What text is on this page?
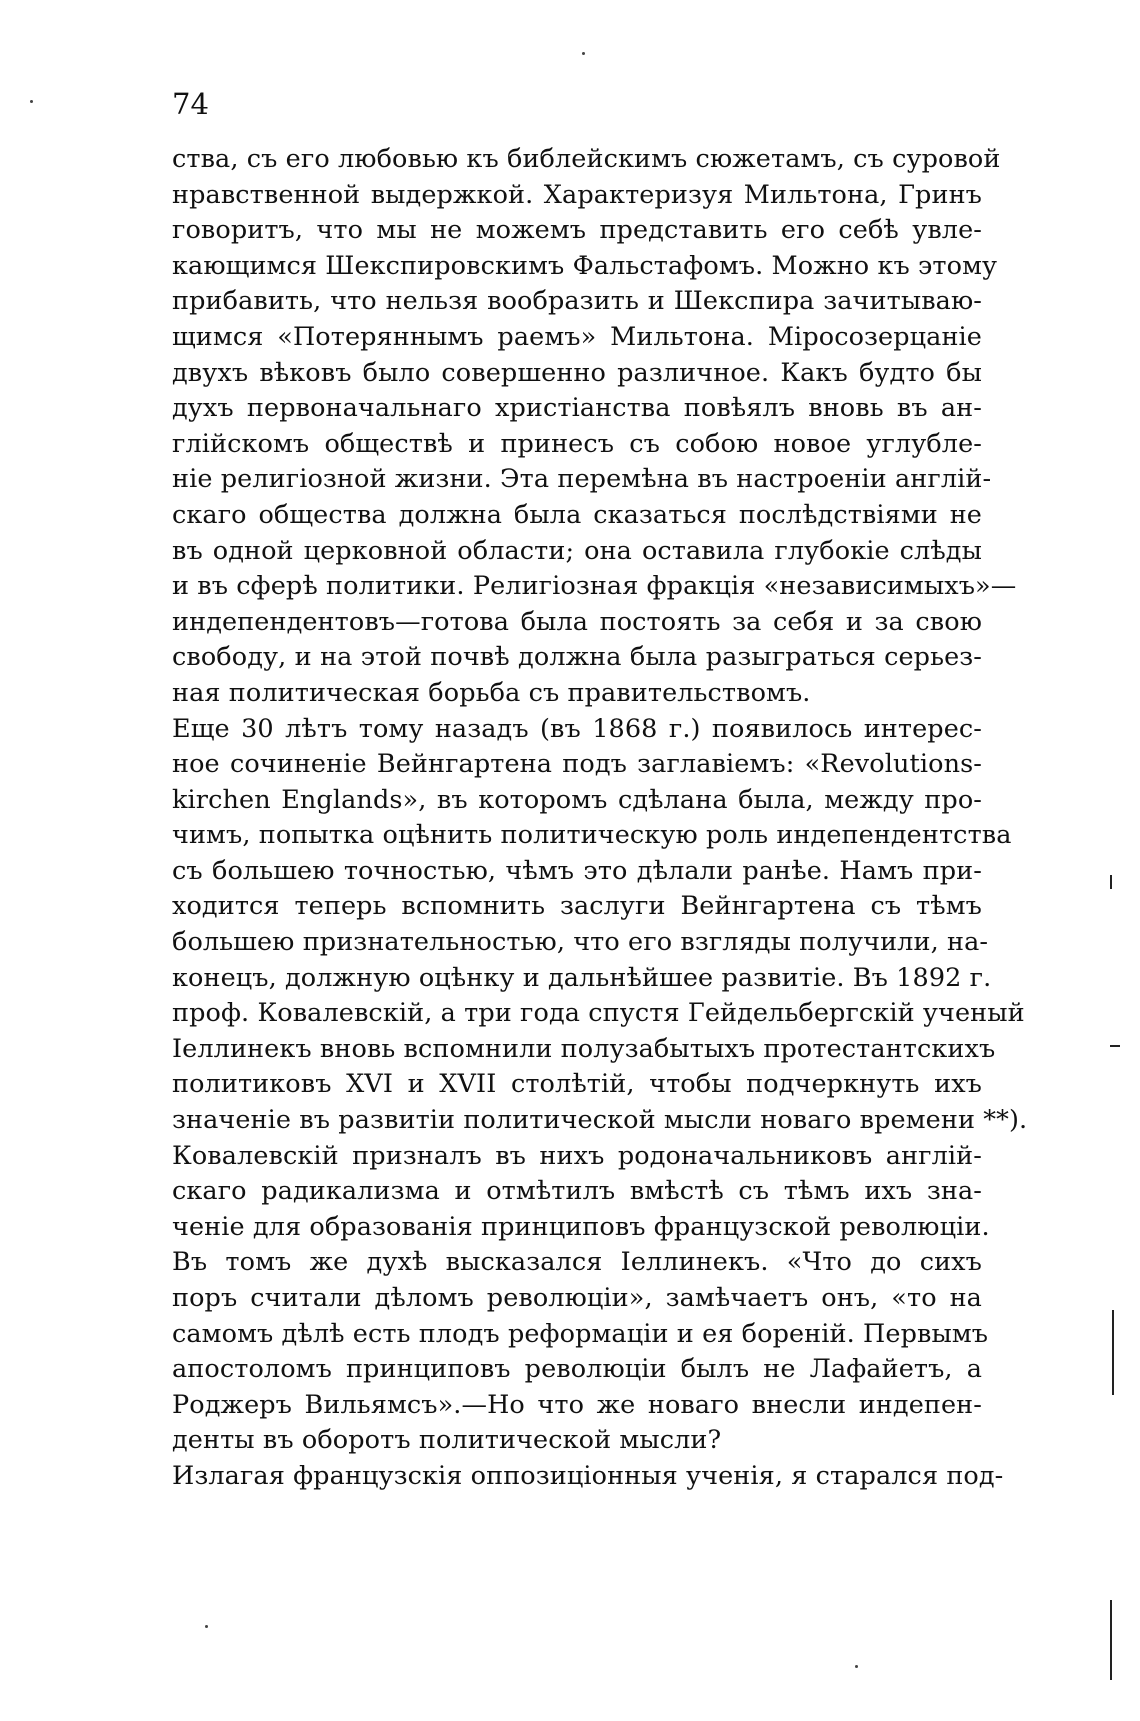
74
ства, съ его любовью къ библейскимъ сюжетамъ, съ суровой
нравственной выдержкой. Характеризуя Мильтона, Гринъ
говоритъ, что мы не можемъ представить его себѣ увле-
кающимся Шекспировскимъ Фальстафомъ. Можно къ этому
прибавить, что нельзя вообразить и Шекспира зачитываю-
щимся «Потеряннымъ раемъ» Мильтона. Міросозерцаніе
двухъ вѣковъ было совершенно различное. Какъ будто бы
духъ первоначальнаго христіанства повѣялъ вновь въ ан-
глійскомъ обществѣ и принесъ съ собою новое углубле-
ніе религіозной жизни. Эта перемѣна въ настроеніи англій-
скаго общества должна была сказаться послѣдствіями не
въ одной церковной области; она оставила глубокіе слѣды
и въ сферѣ политики. Религіозная фракція «независимыхъ»—
индепендентовъ—готова была постоять за себя и за свою
свободу, и на этой почвѣ должна была разыграться серьез-
ная политическая борьба съ правительствомъ.
Еще 30 лѣтъ тому назадъ (въ 1868 г.) появилось интерес-
ное сочиненіе Вейнгартена подъ заглавіемъ: «Revolutions-
kirchen Englands», въ которомъ сдѣлана была, между про-
чимъ, попытка оцѣнить политическую роль индепендентства
съ большею точностью, чѣмъ это дѣлали ранѣе. Намъ при-
ходится теперь вспомнить заслуги Вейнгартена съ тѣмъ
большею признательностью, что его взгляды получили, на-
конецъ, должную оцѣнку и дальнѣйшее развитіе. Въ 1892 г.
проф. Ковалевскій, а три года спустя Гейдельбергскій ученый
Іеллинекъ вновь вспомнили полузабытыхъ протестантскихъ
политиковъ XVI и XVII столѣтій, чтобы подчеркнуть ихъ
значеніе въ развитіи политической мысли новаго времени **).
Ковалевскій призналъ въ нихъ родоначальниковъ англій-
скаго радикализма и отмѣтилъ вмѣстѣ съ тѣмъ ихъ зна-
ченіе для образованія принциповъ французской революціи.
Въ томъ же духѣ высказался Іеллинекъ. «Что до сихъ
поръ считали дѣломъ революціи», замѣчаетъ онъ, «то на
самомъ дѣлѣ есть плодъ реформаціи и ея бореній. Первымъ
апостоломъ принциповъ революціи былъ не Лафайетъ, а
Роджеръ Вильямсъ».—Но что же новаго внесли индепен-
денты въ оборотъ политической мысли?
Излагая французскія оппозиціонныя ученія, я старался под-
